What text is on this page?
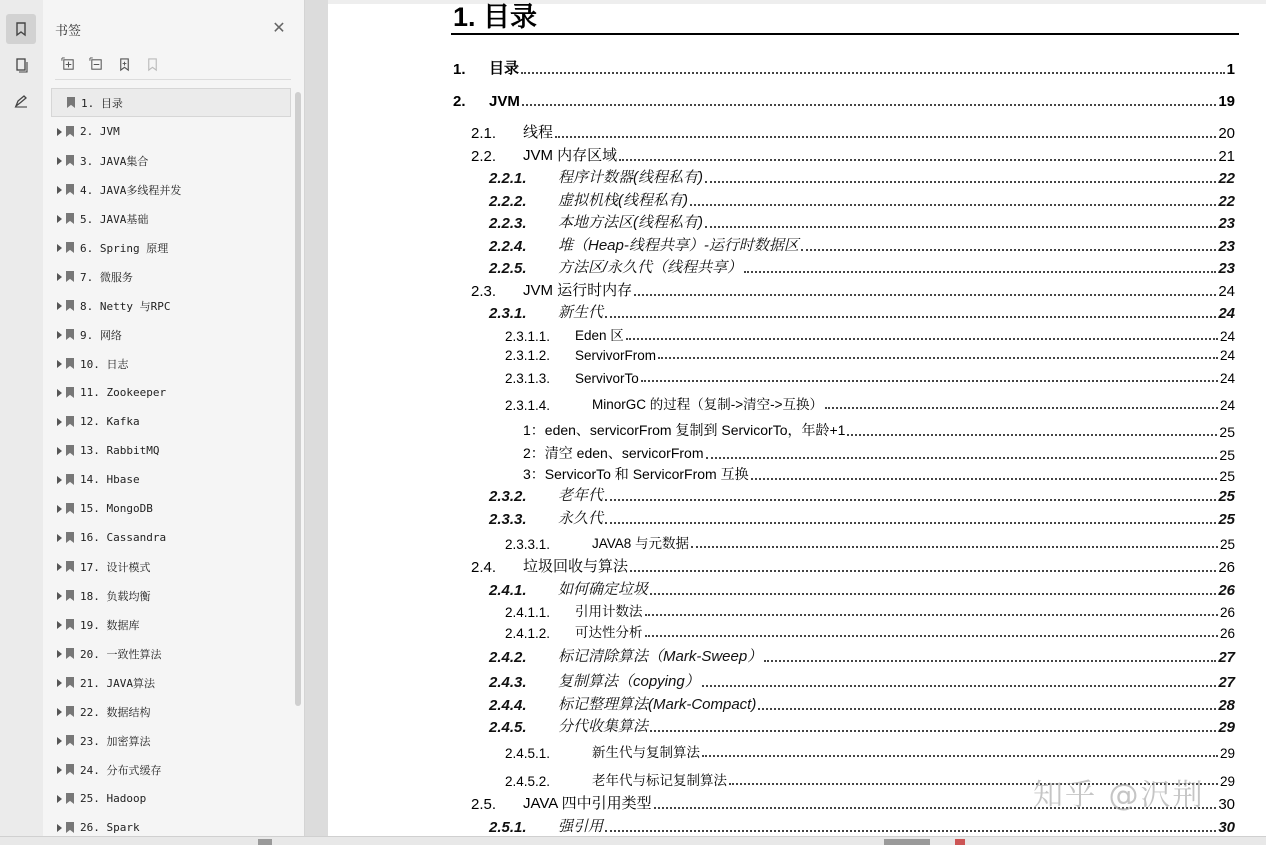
书签	✕
1. 目录
2. JVM
3. JAVA集合
4. JAVA多线程并发
5. JAVA基础
6. Spring 原理
7. 微服务
8. Netty 与RPC
9. 网络
10. 日志
11. Zookeeper
12. Kafka
13. RabbitMQ
14. Hbase
15. MongoDB
16. Cassandra
17. 设计模式
18. 负载均衡
19. 数据库
20. 一致性算法
21. JAVA算法
22. 数据结构
23. 加密算法
24. 分布式缓存
25. Hadoop
26. Spark
1. 目录
1.	目录	1
2.	JVM	19
2.1.	线程	20
2.2.	JVM 内存区域	21
2.2.1.	程序计数器(线程私有)	22
2.2.2.	虚拟机栈(线程私有)	22
2.2.3.	本地方法区(线程私有)	23
2.2.4.	堆（Heap-线程共享）-运行时数据区	23
2.2.5.	方法区/永久代（线程共享）	23
2.3.	JVM 运行时内存	24
2.3.1.	新生代	24
2.3.1.1.	Eden 区	24
2.3.1.2.	ServivorFrom	24
2.3.1.3.	ServivorTo	24
2.3.1.4.	MinorGC 的过程（复制->清空->互换）	24
1：eden、servicorFrom 复制到 ServicorTo，年龄+1	25
2：清空 eden、servicorFrom	25
3：ServicorTo 和 ServicorFrom 互换	25
2.3.2.	老年代	25
2.3.3.	永久代	25
2.3.3.1.	JAVA8 与元数据	25
2.4.	垃圾回收与算法	26
2.4.1.	如何确定垃圾	26
2.4.1.1.	引用计数法	26
2.4.1.2.	可达性分析	26
2.4.2.	标记清除算法（Mark-Sweep）	27
2.4.3.	复制算法（copying）	27
2.4.4.	标记整理算法(Mark-Compact)	28
2.4.5.	分代收集算法	29
2.4.5.1.	新生代与复制算法	29
2.4.5.2.	老年代与标记复制算法	29
2.5.	JAVA 四中引用类型	30
2.5.1.	强引用	30
知乎 @沢荆
